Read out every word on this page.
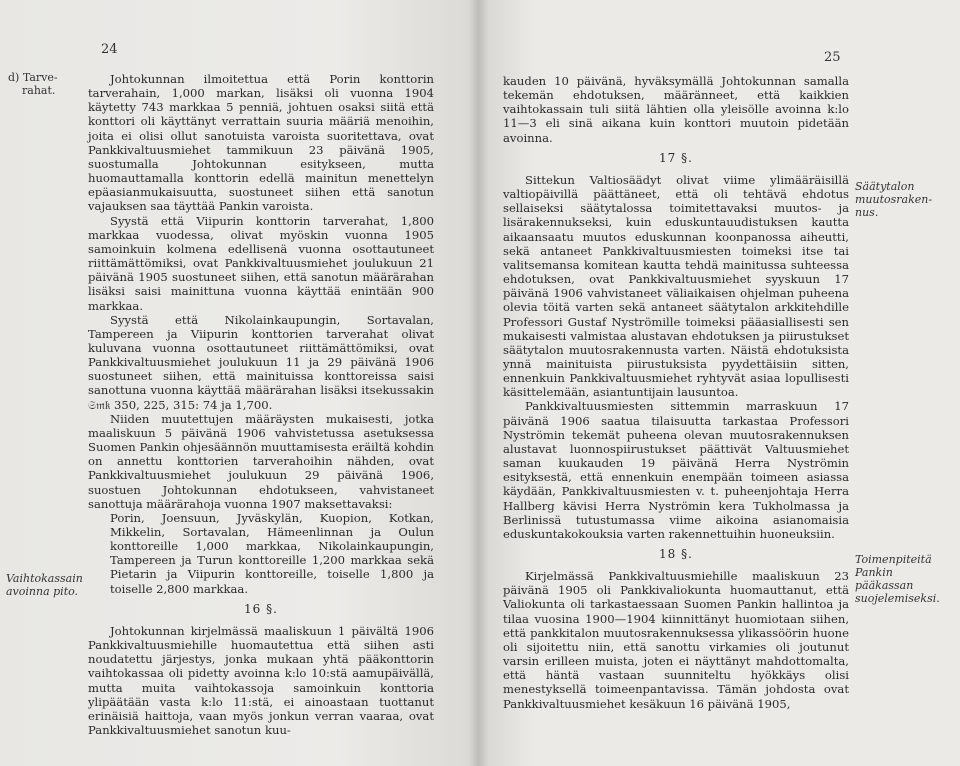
24
d) Tarve-
rahat.
Vaihtokassain
avoinna pito.

Johtokunnan ilmoitettua että Porin konttorin tarverahain, 1,000 markan, lisäksi oli vuonna 1904 käytetty 743 markkaa 5 penniä, johtuen osaksi siitä että konttori oli käyttänyt verrattain suuria määriä menoihin, joita ei olisi ollut sanotuista varoista suoritettava, ovat Pankkivaltuusmiehet tammikuun 23 päivänä 1905, suostumalla Johtokunnan esitykseen, mutta huomauttamalla konttorin edellä mainitun menettelyn epäasianmukaisuutta, suostuneet siihen että sanotun vajauksen saa täyttää Pankin varoista.

Syystä että Viipurin konttorin tarverahat, 1,800 markkaa vuodessa, olivat myöskin vuonna 1905 samoinkuin kolmena edellisenä vuonna osottautuneet riittämättömiksi, ovat Pankkivaltuusmiehet joulukuun 21 päivänä 1905 suostuneet siihen, että sanotun määrärahan lisäksi saisi mainittuna vuonna käyttää enintään 900 markkaa.

Syystä että Nikolainkaupungin, Sortavalan, Tampereen ja Viipurin konttorien tarverahat olivat kuluvana vuonna osottautuneet riittämättömiksi, ovat Pankkivaltuusmiehet joulukuun 11 ja 29 päivänä 1906 suostuneet siihen, että mainituissa konttoreissa saisi sanottuna vuonna käyttää määrärahan lisäksi itsekussakin 𝔖𝔪𝔨 350, 225, 315: 74 ja 1,700.

Niiden muutettujen määräysten mukaisesti, jotka maaliskuun 5 päivänä 1906 vahvistetussa asetuksessa Suomen Pankin ohjesäännön muuttamisesta eräiltä kohdin on annettu konttorien tarverahoihin nähden, ovat Pankkivaltuusmiehet joulukuun 29 päivänä 1906, suostuen Johtokunnan ehdotukseen, vahvistaneet sanottuja määrärahoja vuonna 1907 maksettavaksi:

Porin, Joensuun, Jyväskylän, Kuopion, Kotkan, Mikkelin, Sortavalan, Hämeenlinnan ja Oulun konttoreille 1,000 markkaa, Nikolainkaupungin, Tampereen ja Turun konttoreille 1,200 markkaa sekä Pietarin ja Viipurin konttoreille, toiselle 1,800 ja toiselle 2,800 markkaa.

16 §.

Johtokunnan kirjelmässä maaliskuun 1 päivältä 1906 Pankkivaltuusmiehille huomautettua että siihen asti noudatettu järjestys, jonka mukaan yhtä pääkonttorin vaihtokassaa oli pidetty avoinna k:lo 10:stä aamupäivällä, mutta muita vaihtokassoja samoinkuin konttoria ylipäätään vasta k:lo 11:stä, ei ainoastaan tuottanut erinäisiä haittoja, vaan myös jonkun verran vaaraa, ovat Pankkivaltuusmiehet sanotun kuu-

25

kauden 10 päivänä, hyväksymällä Johtokunnan samalla tekemän ehdotuksen, määränneet, että kaikkien vaihtokassain tuli siitä lähtien olla yleisölle avoinna k:lo 11—3 eli sinä aikana kuin konttori muutoin pidetään avoinna.

17 §.

Sittekun Valtiosäädyt olivat viime ylimääräisillä valtiopäivillä päättäneet, että oli tehtävä ehdotus sellaiseksi säätytalossa toimitettavaksi muutos- ja lisärakennukseksi, kuin eduskuntauudistuksen kautta aikaansaatu muutos eduskunnan koonpanossa aiheutti, sekä antaneet Pankkivaltuusmiesten toimeksi itse tai valitsemansa komitean kautta tehdä mainitussa suhteessa ehdotuksen, ovat Pankkivaltuusmiehet syyskuun 17 päivänä 1906 vahvistaneet väliaikaisen ohjelman puheena olevia töitä varten sekä antaneet säätytalon arkkitehdille Professori Gustaf Nyströmille toimeksi pääasiallisesti sen mukaisesti valmistaa alustavan ehdotuksen ja piirustukset säätytalon muutosrakennusta varten. Näistä ehdotuksista ynnä mainituista piirustuksista pyydettäisiin sitten, ennenkuin Pankkivaltuusmiehet ryhtyvät asiaa lopullisesti käsittelemään, asiantuntijain lausuntoa.

Pankkivaltuusmiesten sittemmin marraskuun 17 päivänä 1906 saatua tilaisuutta tarkastaa Professori Nyströmin tekemät puheena olevan muutosrakennuksen alustavat luonnospiirustukset päättivät Valtuusmiehet saman kuukauden 19 päivänä Herra Nyströmin esityksestä, että ennenkuin enempään toimeen asiassa käydään, Pankkivaltuusmiesten v. t. puheenjohtaja Herra Hallberg kävisi Herra Nyströmin kera Tukholmassa ja Berlinissä tutustumassa viime aikoina asianomaisia eduskuntakokouksia varten rakennettuihin huoneuksiin.

18 §.

Kirjelmässä Pankkivaltuusmiehille maaliskuun 23 päivänä 1905 oli Pankkivaliokunta huomauttanut, että Valiokunta oli tarkastaessaan Suomen Pankin hallintoa ja tilaa vuosina 1900—1904 kiinnittänyt huomiotaan siihen, että pankkitalon muutosrakennuksessa ylikassöörin huone oli sijoitettu niin, että sanottu virkamies oli joutunut varsin erilleen muista, joten ei näyttänyt mahdottomalta, että häntä vastaan suunniteltu hyökkäys olisi menestyksellä toimeenpantavissa. Tämän johdosta ovat Pankkivaltuusmiehet kesäkuun 16 päivänä 1905,

Säätytalon
muutosraken-
nus.
Toimenpiteitä
Pankin
pääkassan
suojelemiseksi.
